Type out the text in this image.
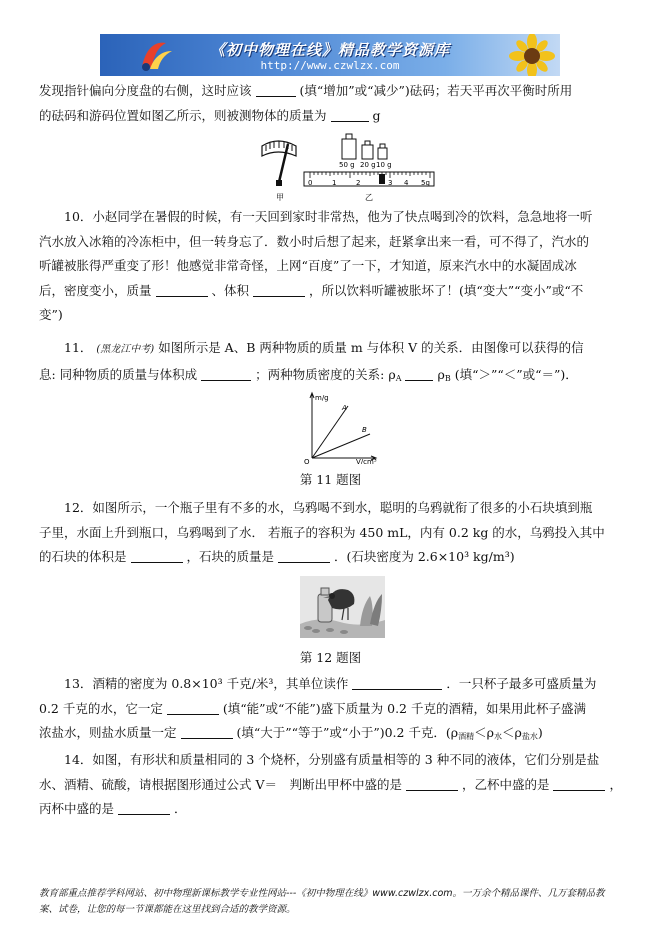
《初中物理在线》精品教学资源库
http://www.czwlzx.com

发现指针偏向分度盘的右侧，这时应该	(填“增加”或“减少”)砝码；若天平再次平衡时所用

的砝码和游码位置如图乙所示，则被测物体的质量为	g

甲
50 g 20 g 10 g
0	1	2	3 4 5g
乙

10．小赵同学在暑假的时候，有一天回到家时非常热，他为了快点喝到冷的饮料，急急地将一听

汽水放入冰箱的冷冻柜中，但一转身忘了．数小时后想了起来，赶紧拿出来一看，可不得了，汽水的

听罐被胀得严重变了形！他感觉非常奇怪，上网“百度”了一下，才知道，原来汽水中的水凝固成冰

后，密度变小，质量	、体积	，所以饮料听罐被胀坏了！(填“变大”“变小”或“不

变”)

11． (黑龙江中考) 如图所示是 A、B 两种物质的质量 m 与体积 V 的关系．由图像可以获得的信

息: 同种物质的质量与体积成	；两种物质密度的关系: $\rho_A$	$\rho_B$ (填“＞”“＜”或“＝”)．

m/g
V/cm³
O
A
B
第 11 题图

12．如图所示，一个瓶子里有不多的水，乌鸦喝不到水，聪明的乌鸦就衔了很多的小石块填到瓶

子里，水面上升到瓶口，乌鸦喝到了水． 若瓶子的容积为 450 mL，内有 0.2 kg 的水，乌鸦投入其中

的石块的体积是	，石块的质量是	．(石块密度为 2.6×10³ kg/m³)

第 12 题图

13．酒精的密度为 0.8×10³ 千克/米³，其单位读作	．一只杯子最多可盛质量为

0.2 千克的水，它一定	(填“能”或“不能”)盛下质量为 0.2 千克的酒精，如果用此杯子盛满

浓盐水，则盐水质量一定	(填“大于”“等于”或“小于”)0.2 千克．$(\rho_{酒精}<\rho_水<\rho_{盐水})$

14．如图，有形状和质量相同的 3 个烧杯，分别盛有质量相等的 3 种不同的液体，它们分别是盐

水、酒精、硫酸，请根据图形通过公式 V＝　判断出甲杯中盛的是	，乙杯中盛的是	，

丙杯中盛的是	．

教育部重点推荐学科网站、初中物理新课标教学专业性网站---《初中物理在线》www.czwlzx.com。一万余个精品课件、几万套精品教
案、试卷，让您的每一节课都能在这里找到合适的教学资源。
